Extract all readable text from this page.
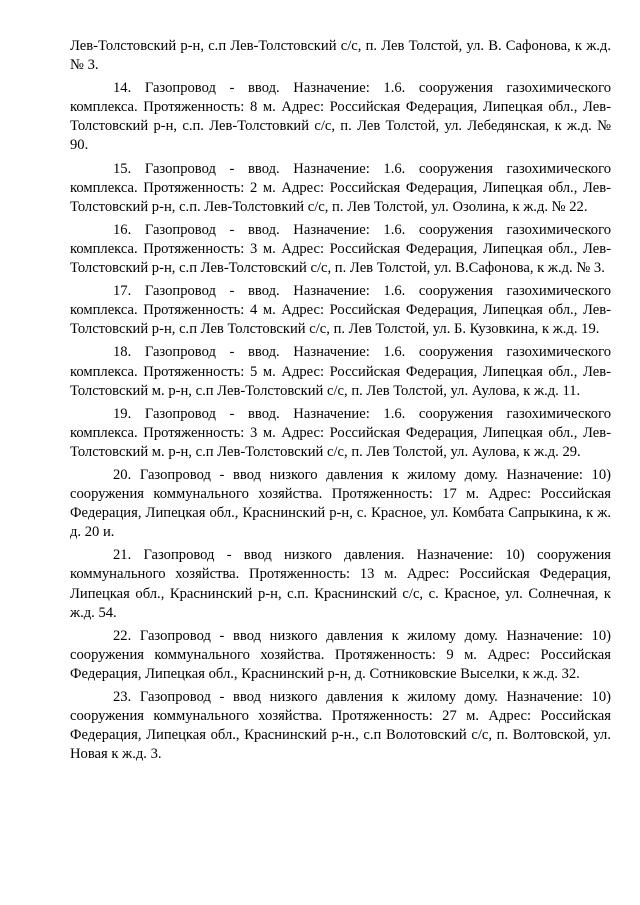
Лев-Толстовский р-н, с.п Лев-Толстовский с/с, п. Лев Толстой, ул. В. Сафонова, к ж.д. № 3.

14. Газопровод - ввод. Назначение: 1.6. сооружения газохимического комплекса. Протяженность: 8 м. Адрес: Российская Федерация, Липецкая обл., Лев-Толстовский р-н, с.п. Лев-Толстовкий с/с, п. Лев Толстой, ул. Лебедянская, к ж.д. № 90.

15. Газопровод - ввод. Назначение: 1.6. сооружения газохимического комплекса. Протяженность: 2 м. Адрес: Российская Федерация, Липецкая обл., Лев-Толстовский р-н, с.п. Лев-Толстовкий с/с, п. Лев Толстой, ул. Озолина, к ж.д. № 22.

16. Газопровод - ввод. Назначение: 1.6. сооружения газохимического комплекса. Протяженность: 3 м. Адрес: Российская Федерация, Липецкая обл., Лев-Толстовский р-н, с.п Лев-Толстовский с/с, п. Лев Толстой, ул. В.Сафонова, к ж.д. № 3.

17. Газопровод - ввод. Назначение: 1.6. сооружения газохимического комплекса. Протяженность: 4 м. Адрес: Российская Федерация, Липецкая обл., Лев-Толстовский р-н, с.п Лев Толстовский с/с, п. Лев Толстой, ул. Б. Кузовкина, к ж.д. 19.

18. Газопровод - ввод. Назначение: 1.6. сооружения газохимического комплекса. Протяженность: 5 м. Адрес: Российская Федерация, Липецкая обл., Лев-Толстовский м. р-н, с.п Лев-Толстовский с/с, п. Лев Толстой, ул. Аулова, к ж.д. 11.

19. Газопровод - ввод. Назначение: 1.6. сооружения газохимического комплекса. Протяженность: 3 м. Адрес: Российская Федерация, Липецкая обл., Лев-Толстовский м. р-н, с.п Лев-Толстовский с/с, п. Лев Толстой, ул. Аулова, к ж.д. 29.

20. Газопровод - ввод низкого давления к жилому дому. Назначение: 10) сооружения коммунального хозяйства. Протяженность: 17 м. Адрес: Российская Федерация, Липецкая обл., Краснинский р-н, с. Красное, ул. Комбата Сапрыкина, к ж. д. 20 и.

21. Газопровод - ввод низкого давления. Назначение: 10) сооружения коммунального хозяйства. Протяженность: 13 м. Адрес: Российская Федерация, Липецкая обл., Краснинский р-н, с.п. Краснинский с/с, с. Красное, ул. Солнечная, к ж.д. 54.

22. Газопровод - ввод низкого давления к жилому дому. Назначение: 10) сооружения коммунального хозяйства. Протяженность: 9 м. Адрес: Российская Федерация, Липецкая обл., Краснинский р-н, д. Сотниковские Выселки, к ж.д. 32.

23. Газопровод - ввод низкого давления к жилому дому. Назначение: 10) сооружения коммунального хозяйства. Протяженность: 27 м. Адрес: Российская Федерация, Липецкая обл., Краснинский р-н., с.п Волотовский с/с, п. Волтовской, ул. Новая к ж.д. 3.
